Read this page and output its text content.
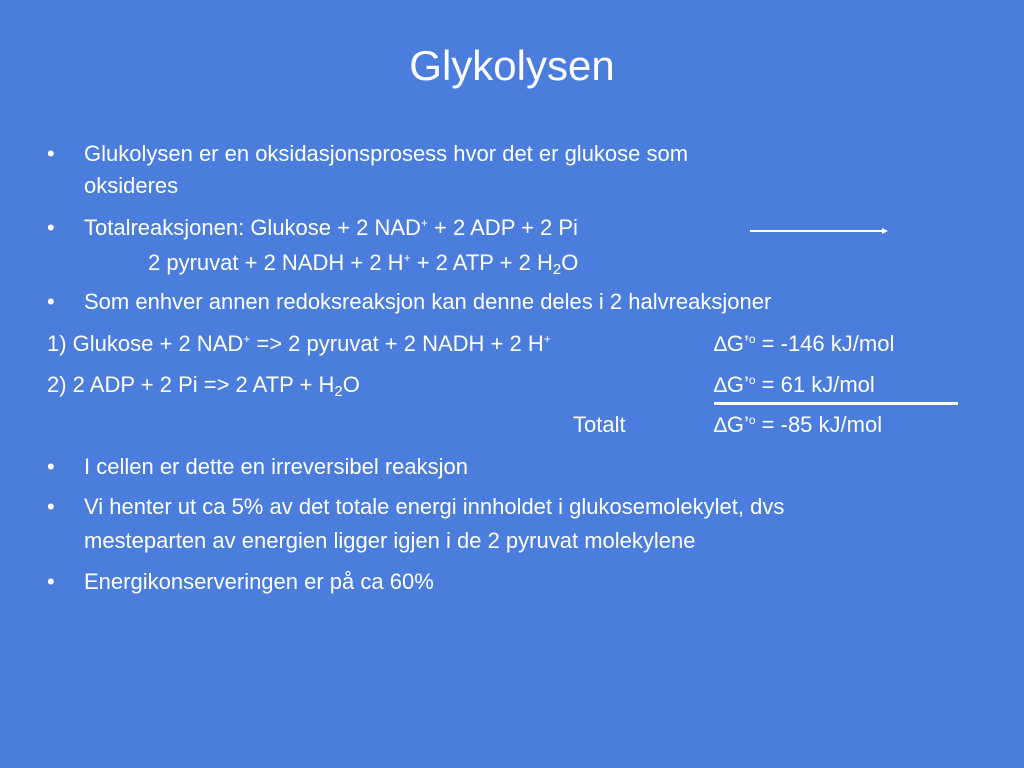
Glykolysen
• Glukolysen er en oksidasjonsprosess hvor det er glukose som
oksideres
• Totalreaksjonen: Glukose + 2 NAD+ + 2 ADP + 2 Pi
2 pyruvat + 2 NADH + 2 H+ + 2 ATP + 2 $H_2O$
• Som enhver annen redoksreaksjon kan denne deles i 2 halvreaksjoner
1) Glukose + 2 NAD+ => 2 pyruvat + 2 NADH + 2 H+	∆G’$^o$ = -146 kJ/mol
2) 2 ADP + 2 Pi => 2 ATP + $H_2O$	∆G’$^o$ = 61 kJ/mol
Totalt	∆G’$^o$ = -85 kJ/mol
• I cellen er dette en irreversibel reaksjon
• Vi henter ut ca 5% av det totale energi innholdet i glukosemolekylet, dvs
mesteparten av energien ligger igjen i de 2 pyruvat molekylene
• Energikonserveringen er på ca 60%
